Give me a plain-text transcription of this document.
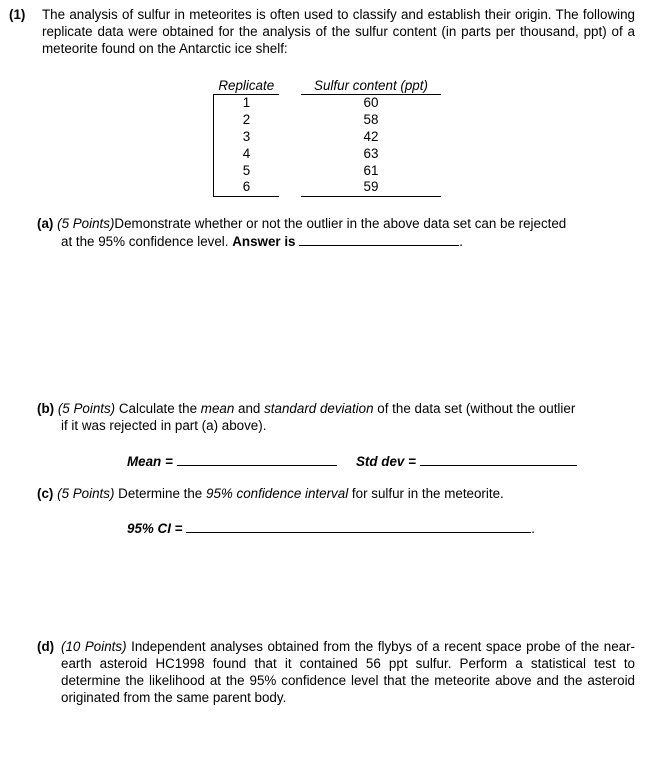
(1) The analysis of sulfur in meteorites is often used to classify and establish their origin. The following replicate data were obtained for the analysis of the sulfur content (in parts per thousand, ppt) of a meteorite found on the Antarctic ice shelf:
Replicate		Sulfur content (ppt)
1		60
2		58
3		42
4		63
5		61
6		59
(a) (5 Points)Demonstrate whether or not the outlier in the above data set can be rejected
at the 95% confidence level. Answer is	.
(b) (5 Points) Calculate the mean and standard deviation of the data set (without the outlier
if it was rejected in part (a) above).
Mean =	Std dev =
(c) (5 Points) Determine the 95% confidence interval for sulfur in the meteorite.
95% CI =	.
(d) (10 Points) Independent analyses obtained from the flybys of a recent space probe of the near-earth asteroid HC1998 found that it contained 56 ppt sulfur. Perform a statistical test to determine the likelihood at the 95% confidence level that the meteorite above and the asteroid originated from the same parent body.
